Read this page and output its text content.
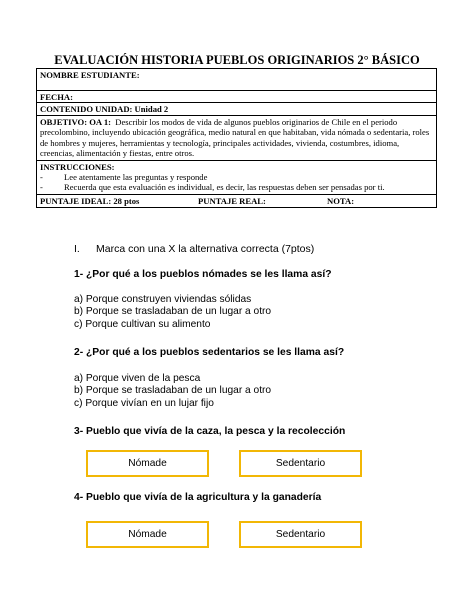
EVALUACIÓN HISTORIA PUEBLOS ORIGINARIOS 2° BÁSICO
NOMBRE ESTUDIANTE:
FECHA:
CONTENIDO UNIDAD: Unidad 2
OBJETIVO: OA 1: Describir los modos de vida de algunos pueblos originarios de Chile en el periodo precolombino, incluyendo ubicación geográfica, medio natural en que habitaban, vida nómada o sedentaria, roles de hombres y mujeres, herramientas y tecnología, principales actividades, vivienda, costumbres, idioma, creencias, alimentación y fiestas, entre otros.
INSTRUCCIONES:
-	Lee atentamente las preguntas y responde
-	Recuerda que esta evaluación es individual, es decir, las respuestas deben ser pensadas por ti.
PUNTAJE IDEAL: 28 ptos	PUNTAJE REAL:	NOTA:
I. Marca con una X la alternativa correcta (7ptos)
1- ¿Por qué a los pueblos nómades se les llama así?
a) Porque construyen viviendas sólidas
b) Porque se trasladaban de un lugar a otro
c) Porque cultivan su alimento
2- ¿Por qué a los pueblos sedentarios se les llama así?
a) Porque viven de la pesca
b) Porque se trasladaban de un lugar a otro
c) Porque vivían en un lujar fijo
3- Pueblo que vivía de la caza, la pesca y la recolección
Nómade	Sedentario
4- Pueblo que vivía de la agricultura y la ganadería
Nómade	Sedentario
